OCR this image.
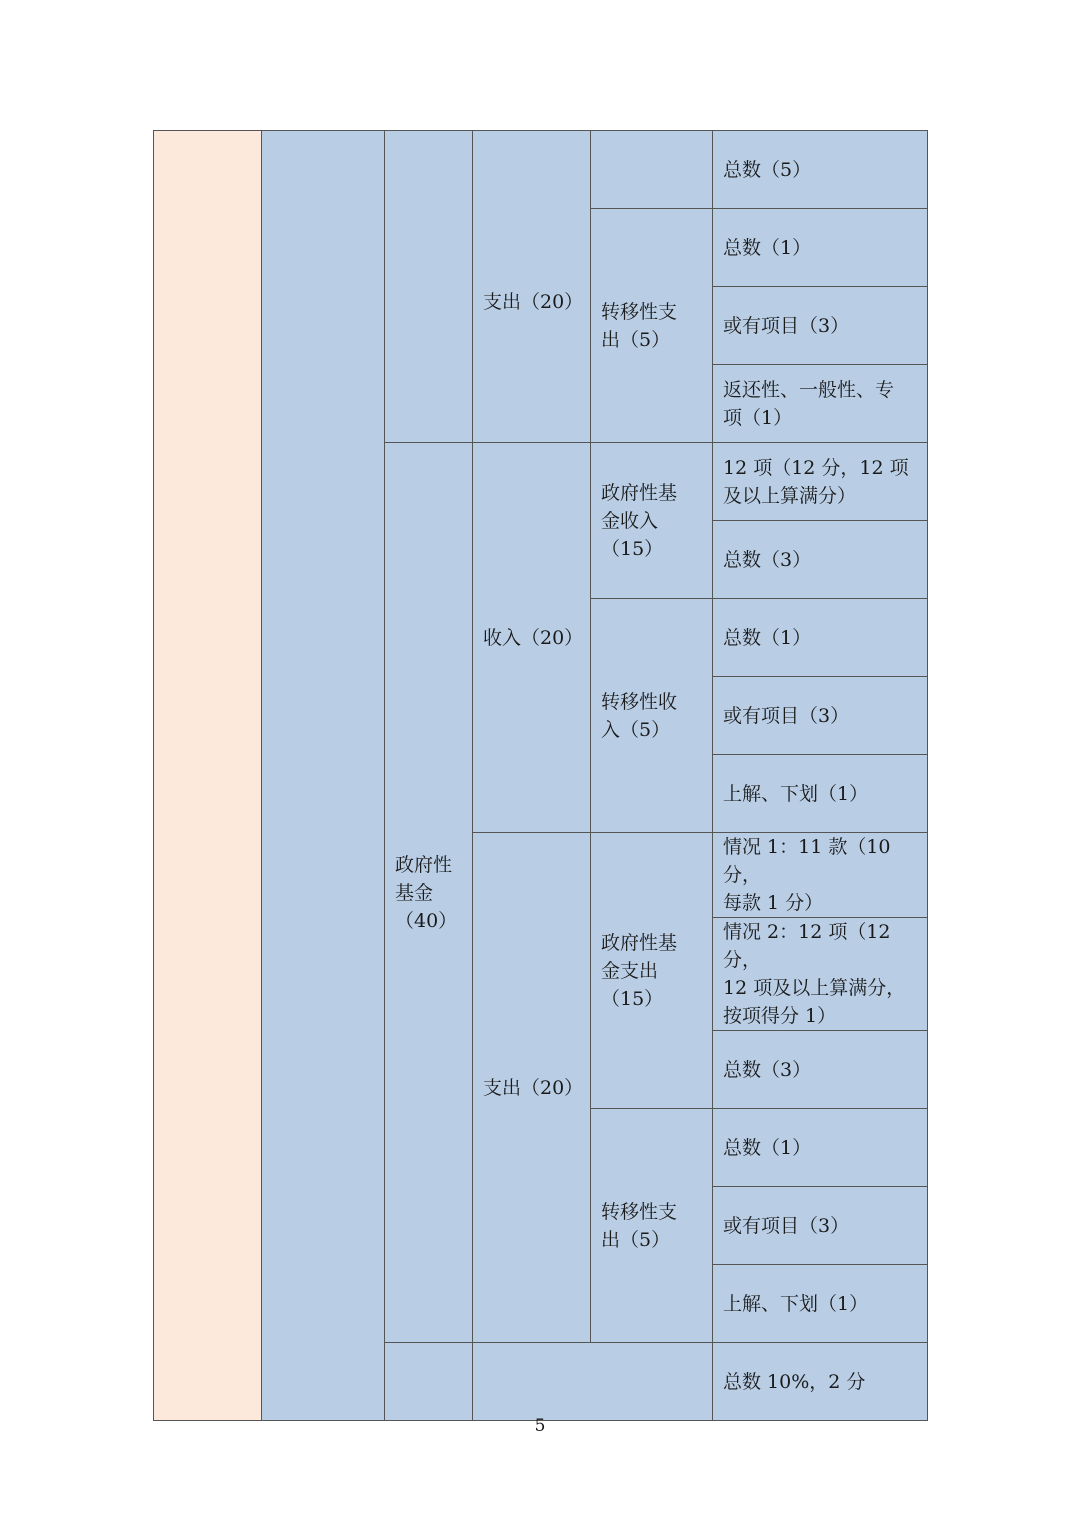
			支出（20）		总数（5）

				转移性支
出（5）	总数（1）

					或有项目（3）

					返还性、一般性、专
项（1）

		政府性
基金
（40）	收入（20）	政府性基
金收入
（15）	12 项（12 分，12 项
及以上算满分）

					总数（3）

				转移性收
入（5）	总数（1）

					或有项目（3）

					上解、下划（1）

			支出（20）	政府性基
金支出
（15）	情况 1：11 款（10 分，
每款 1 分）

					情况 2：12 项（12 分，
12 项及以上算满分，
按项得分 1）

					总数（3）

				转移性支
出（5）	总数（1）

					或有项目（3）

					上解、下划（1）

					总数 10%，2 分
5
